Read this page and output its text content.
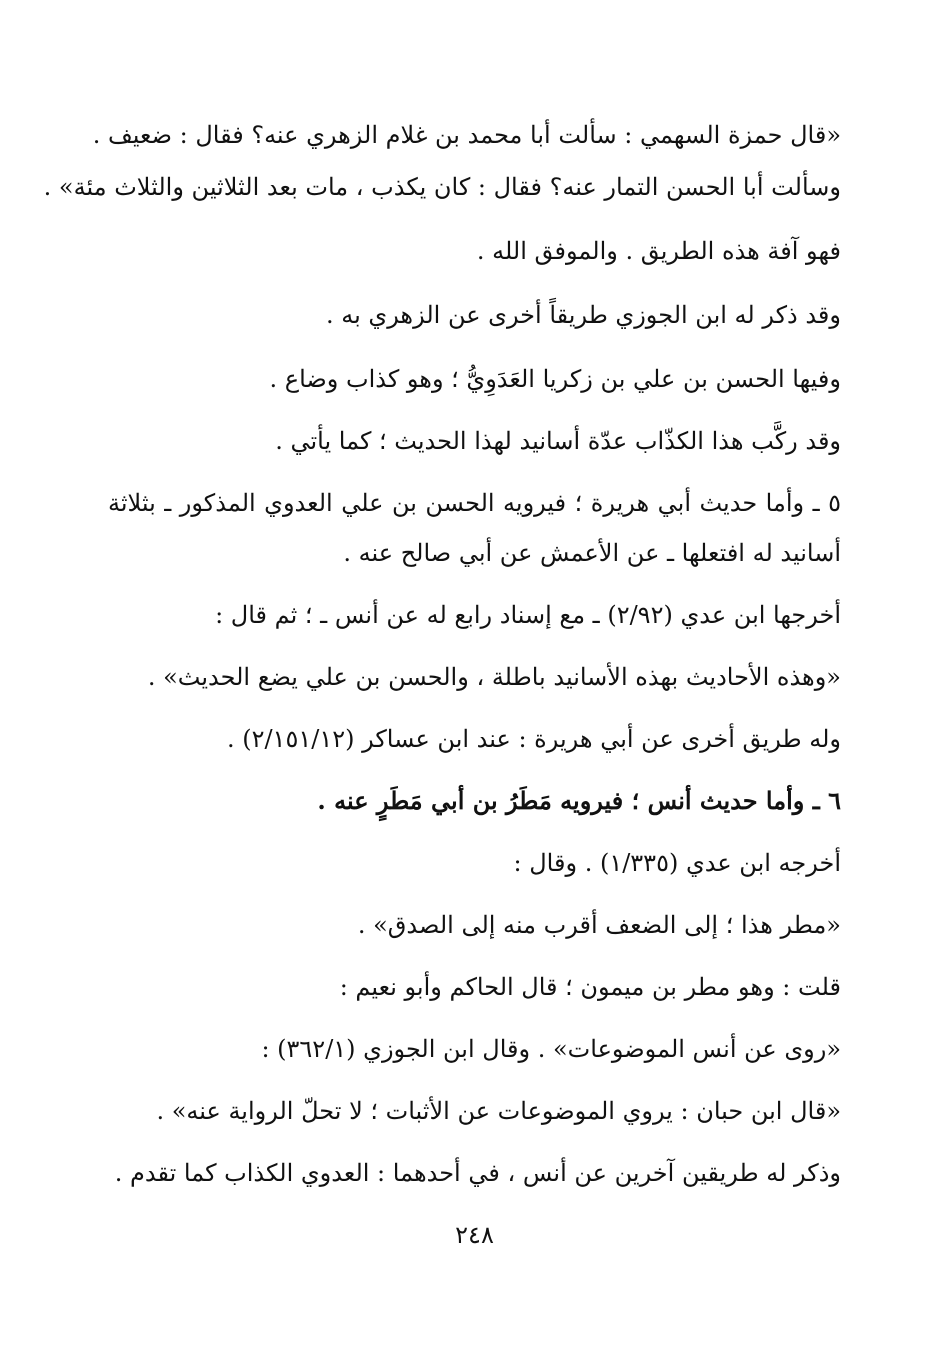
«قال حمزة السهمي : سألت أبا محمد بن غلام الزهري عنه؟ فقال : ضعيف .
وسألت أبا الحسن التمار عنه؟ فقال : كان يكذب ، مات بعد الثلاثين والثلاث مئة» .
فهو آفة هذه الطريق . والموفق الله .
وقد ذكر له ابن الجوزي طريقاً أخرى عن الزهري به .
وفيها الحسن بن علي بن زكريا العَدَوِيُّ ؛ وهو كذاب وضاع .
وقد ركَّب هذا الكذّاب عدّة أسانيد لهذا الحديث ؛ كما يأتي .
٥ ـ وأما حديث أبي هريرة ؛ فيرويه الحسن بن علي العدوي المذكور ـ بثلاثة
أسانيد له افتعلها ـ عن الأعمش عن أبي صالح عنه .
أخرجها ابن عدي (٢/٩٢) ـ مع إسناد رابع له عن أنس ـ ؛ ثم قال :
«وهذه الأحاديث بهذه الأسانيد باطلة ، والحسن بن علي يضع الحديث» .
وله طريق أخرى عن أبي هريرة : عند ابن عساكر (٢/١٥١/١٢) .
٦ ـ وأما حديث أنس ؛ فيرويه مَطَرُ بن أبي مَطَرٍ عنه .
أخرجه ابن عدي (١/٣٣٥) . وقال :
«مطر هذا ؛ إلى الضعف أقرب منه إلى الصدق» .
قلت : وهو مطر بن ميمون ؛ قال الحاكم وأبو نعيم :
«روى عن أنس الموضوعات» . وقال ابن الجوزي (٣٦٢/١) :
«قال ابن حبان : يروي الموضوعات عن الأثبات ؛ لا تحلّ الرواية عنه» .
وذكر له طريقين آخرين عن أنس ، في أحدهما : العدوي الكذاب كما تقدم .
٢٤٨
